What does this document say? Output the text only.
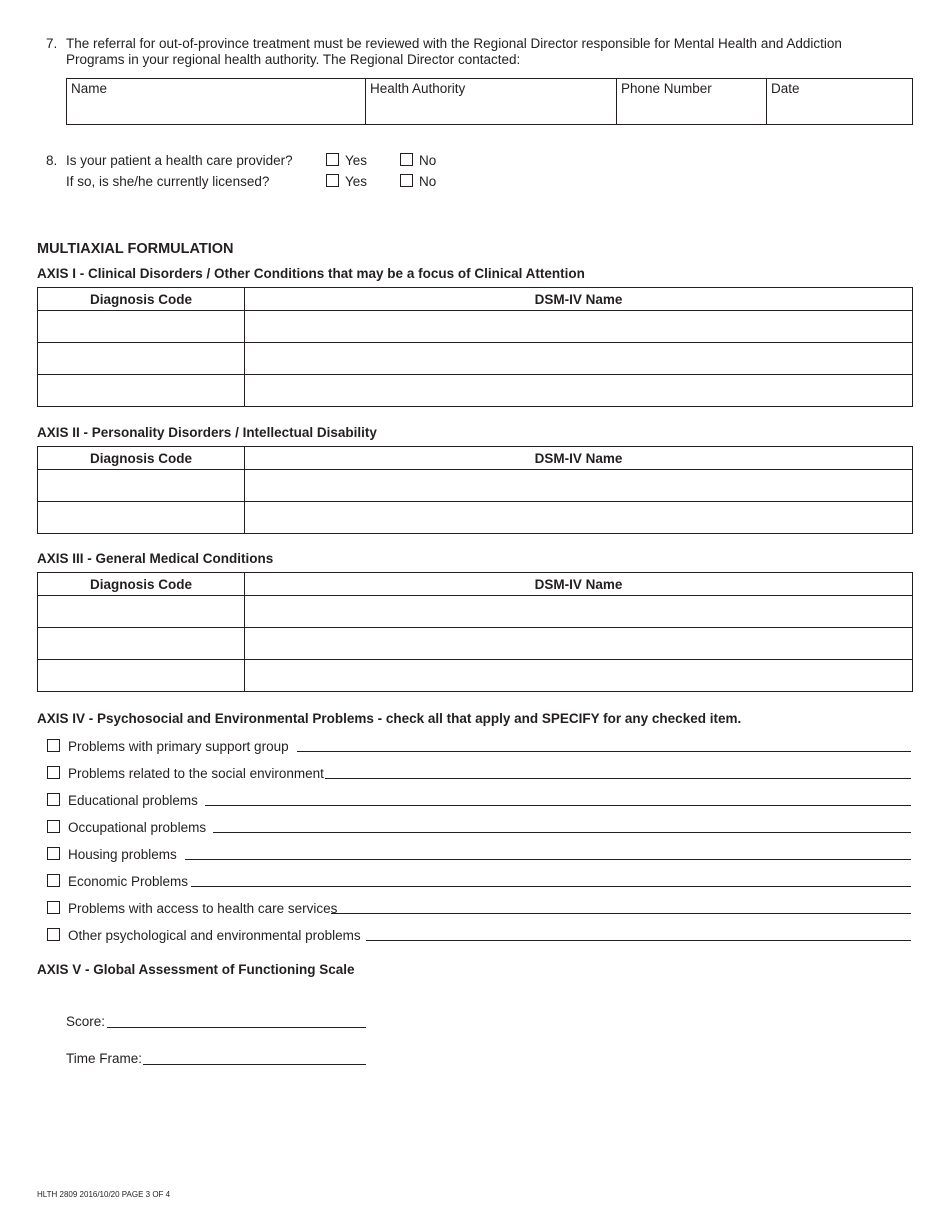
7. The referral for out-of-province treatment must be reviewed with the Regional Director responsible for Mental Health and Addiction
Programs in your regional health authority. The Regional Director contacted:
Name	Health Authority	Phone Number	Date
8. Is your patient a health care provider?
If so, is she/he currently licensed?
Yes	No
Yes	No
MULTIAXIAL FORMULATION
AXIS I - Clinical Disorders / Other Conditions that may be a focus of Clinical Attention
Diagnosis Code	DSM-IV Name

AXIS II - Personality Disorders / Intellectual Disability
Diagnosis Code	DSM-IV Name

AXIS III - General Medical Conditions
Diagnosis Code	DSM-IV Name

AXIS IV - Psychosocial and Environmental Problems - check all that apply and SPECIFY for any checked item.
Problems with primary support group
Problems related to the social environment
Educational problems
Occupational problems
Housing problems
Economic Problems
Problems with access to health care services
Other psychological and environmental problems
AXIS V - Global Assessment of Functioning Scale
Score:
Time Frame:
HLTH 2809 2016/10/20 PAGE 3 OF 4
